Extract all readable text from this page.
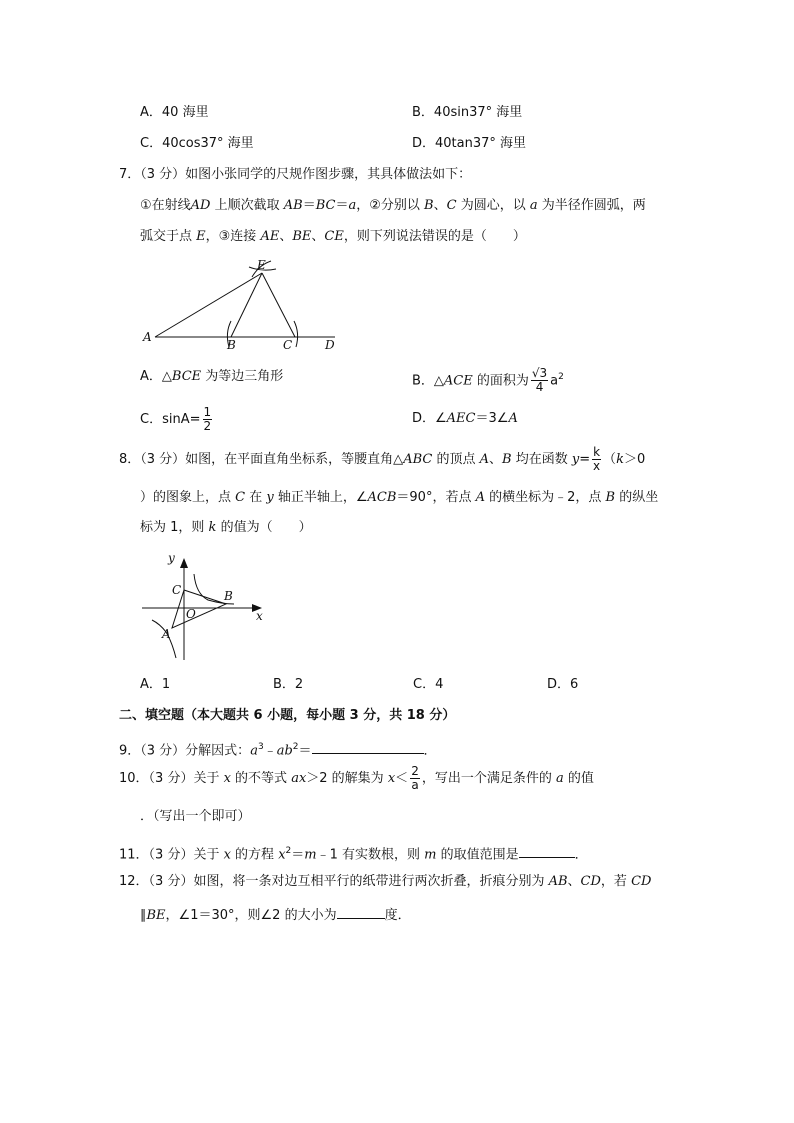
A．40 海里	B．40sin37° 海里
C．40cos37° 海里	D．40tan37° 海里
7．（3 分）如图小张同学的尺规作图步骤，其具体做法如下：
①在射线AD 上顺次截取 AB＝BC＝a，②分别以 B、C 为圆心，以 a 为半径作圆弧，两
弧交于点 E，③连接 AE、BE、CE，则下列说法错误的是（　　）
A
B	C	D
E
A．△BCE 为等边三角形	B．△ACE 的面积为 $\frac{√3}{4} a^2$
C．$\sin A= \frac{1}{2}$	D．∠AEC＝3∠A
8．（3 分）如图，在平面直角坐标系，等腰直角△ABC 的顶点 A、B 均在函数 $y= \frac{k}{x} (k>0$
）的图象上，点 C 在 y 轴正半轴上，∠ACB＝90°，若点 A 的横坐标为﹣2，点 B 的纵坐
标为 1，则 k 的值为（　　）
y
x
C	B
O
A
A．1	B．2	C．4	D．6
二、填空题（本大题共 6 小题，每小题 3 分，共 18 分）
9．（3 分）分解因式：$a^3﹣ab^2=$	．
10．（3 分）关于 x 的不等式 ax＞2 的解集为 $x< \frac{2}{a}$ ，写出一个满足条件的 a 的值
．（写出一个即可）
11．（3 分）关于 x 的方程 $x^2=m﹣1$ 有实数根，则 m 的取值范围是	．
12．（3 分）如图，将一条对边互相平行的纸带进行两次折叠，折痕分别为 AB、CD，若 CD
∥BE，∠1＝30°，则∠2 的大小为	度．
